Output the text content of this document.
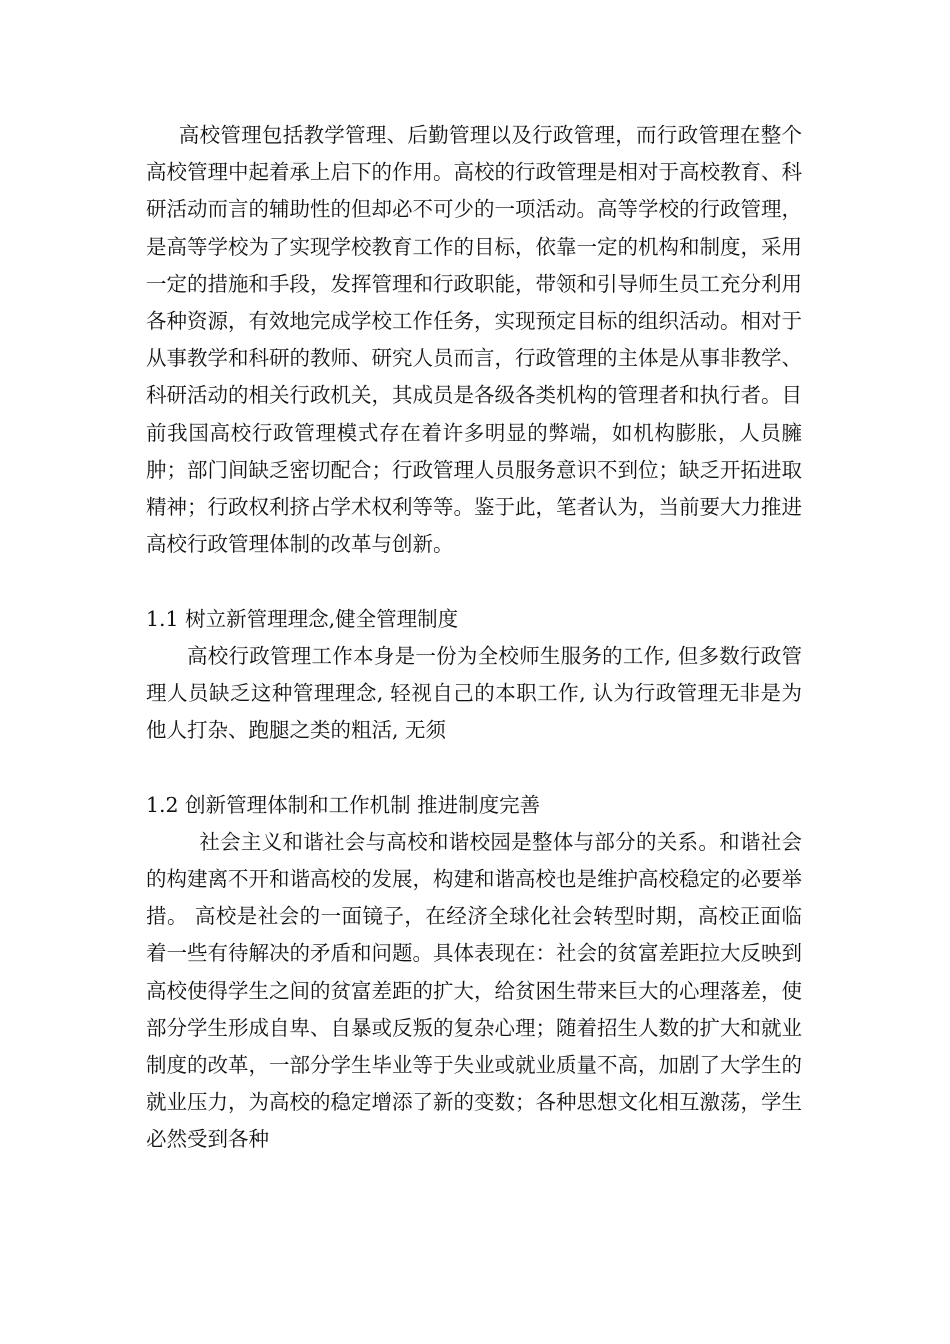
高校管理包括教学管理、后勤管理以及行政管理，而行政管理在整个高校管理中起着承上启下的作用。高校的行政管理是相对于高校教育、科研活动而言的辅助性的但却必不可少的一项活动。高等学校的行政管理，是高等学校为了实现学校教育工作的目标，依靠一定的机构和制度，采用一定的措施和手段，发挥管理和行政职能，带领和引导师生员工充分利用各种资源，有效地完成学校工作任务，实现预定目标的组织活动。相对于从事教学和科研的教师、研究人员而言，行政管理的主体是从事非教学、科研活动的相关行政机关，其成员是各级各类机构的管理者和执行者。目前我国高校行政管理模式存在着许多明显的弊端，如机构膨胀，人员臃肿；部门间缺乏密切配合；行政管理人员服务意识不到位；缺乏开拓进取精神；行政权利挤占学术权利等等。鉴于此，笔者认为，当前要大力推进高校行政管理体制的改革与创新。

1.1 树立新管理理念,健全管理制度

高校行政管理工作本身是一份为全校师生服务的工作, 但多数行政管理人员缺乏这种管理理念, 轻视自己的本职工作, 认为行政管理无非是为他人打杂、跑腿之类的粗活, 无须

1.2 创新管理体制和工作机制 推进制度完善

社会主义和谐社会与高校和谐校园是整体与部分的关系。和谐社会的构建离不开和谐高校的发展，构建和谐高校也是维护高校稳定的必要举措。 高校是社会的一面镜子，在经济全球化社会转型时期，高校正面临着一些有待解决的矛盾和问题。具体表现在：社会的贫富差距拉大反映到高校使得学生之间的贫富差距的扩大，给贫困生带来巨大的心理落差，使部分学生形成自卑、自暴或反叛的复杂心理；随着招生人数的扩大和就业制度的改革，一部分学生毕业等于失业或就业质量不高，加剧了大学生的就业压力，为高校的稳定增添了新的变数；各种思想文化相互激荡，学生必然受到各种
